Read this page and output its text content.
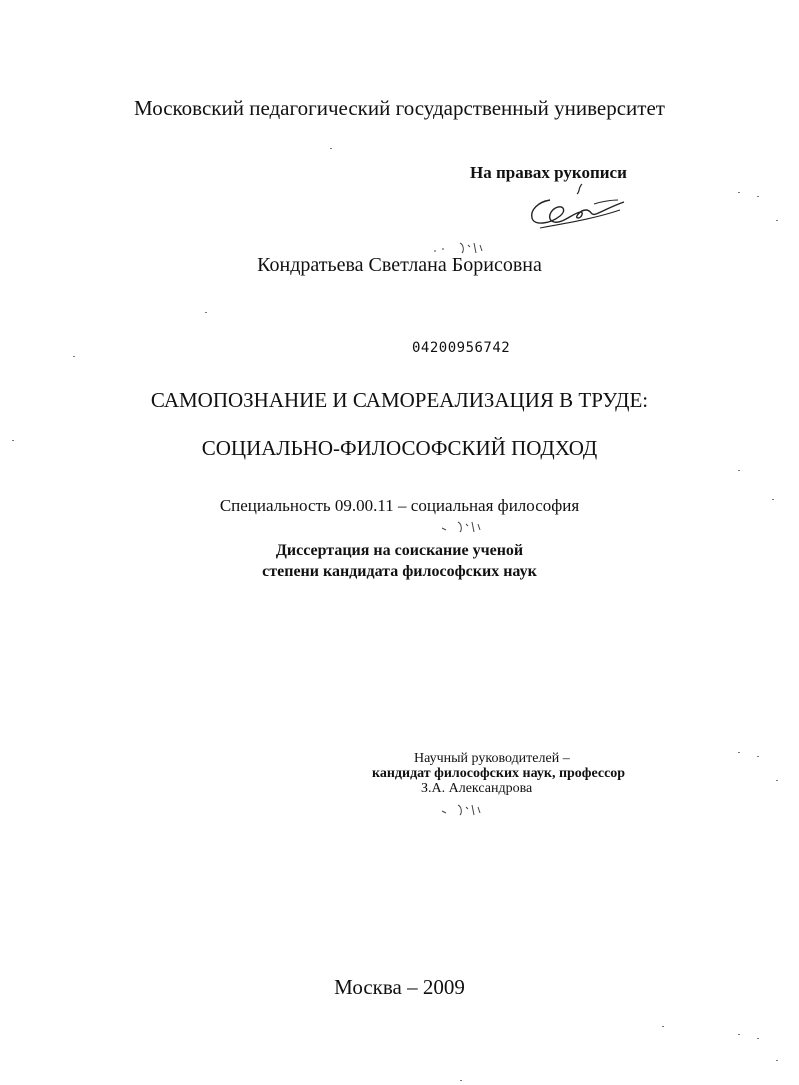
Московский педагогический государственный университет
На правах рукописи
Кондратьева Светлана Борисовна
04200956742
САМОПОЗНАНИЕ И САМОРЕАЛИЗАЦИЯ В ТРУДЕ:
СОЦИАЛЬНО-ФИЛОСОФСКИЙ ПОДХОД
Специальность 09.00.11 – социальная философия
Диссертация на соискание ученой
степени кандидата философских наук
Научный руководителей –
кандидат философских наук, профессор
З.А. Александрова
Москва – 2009
